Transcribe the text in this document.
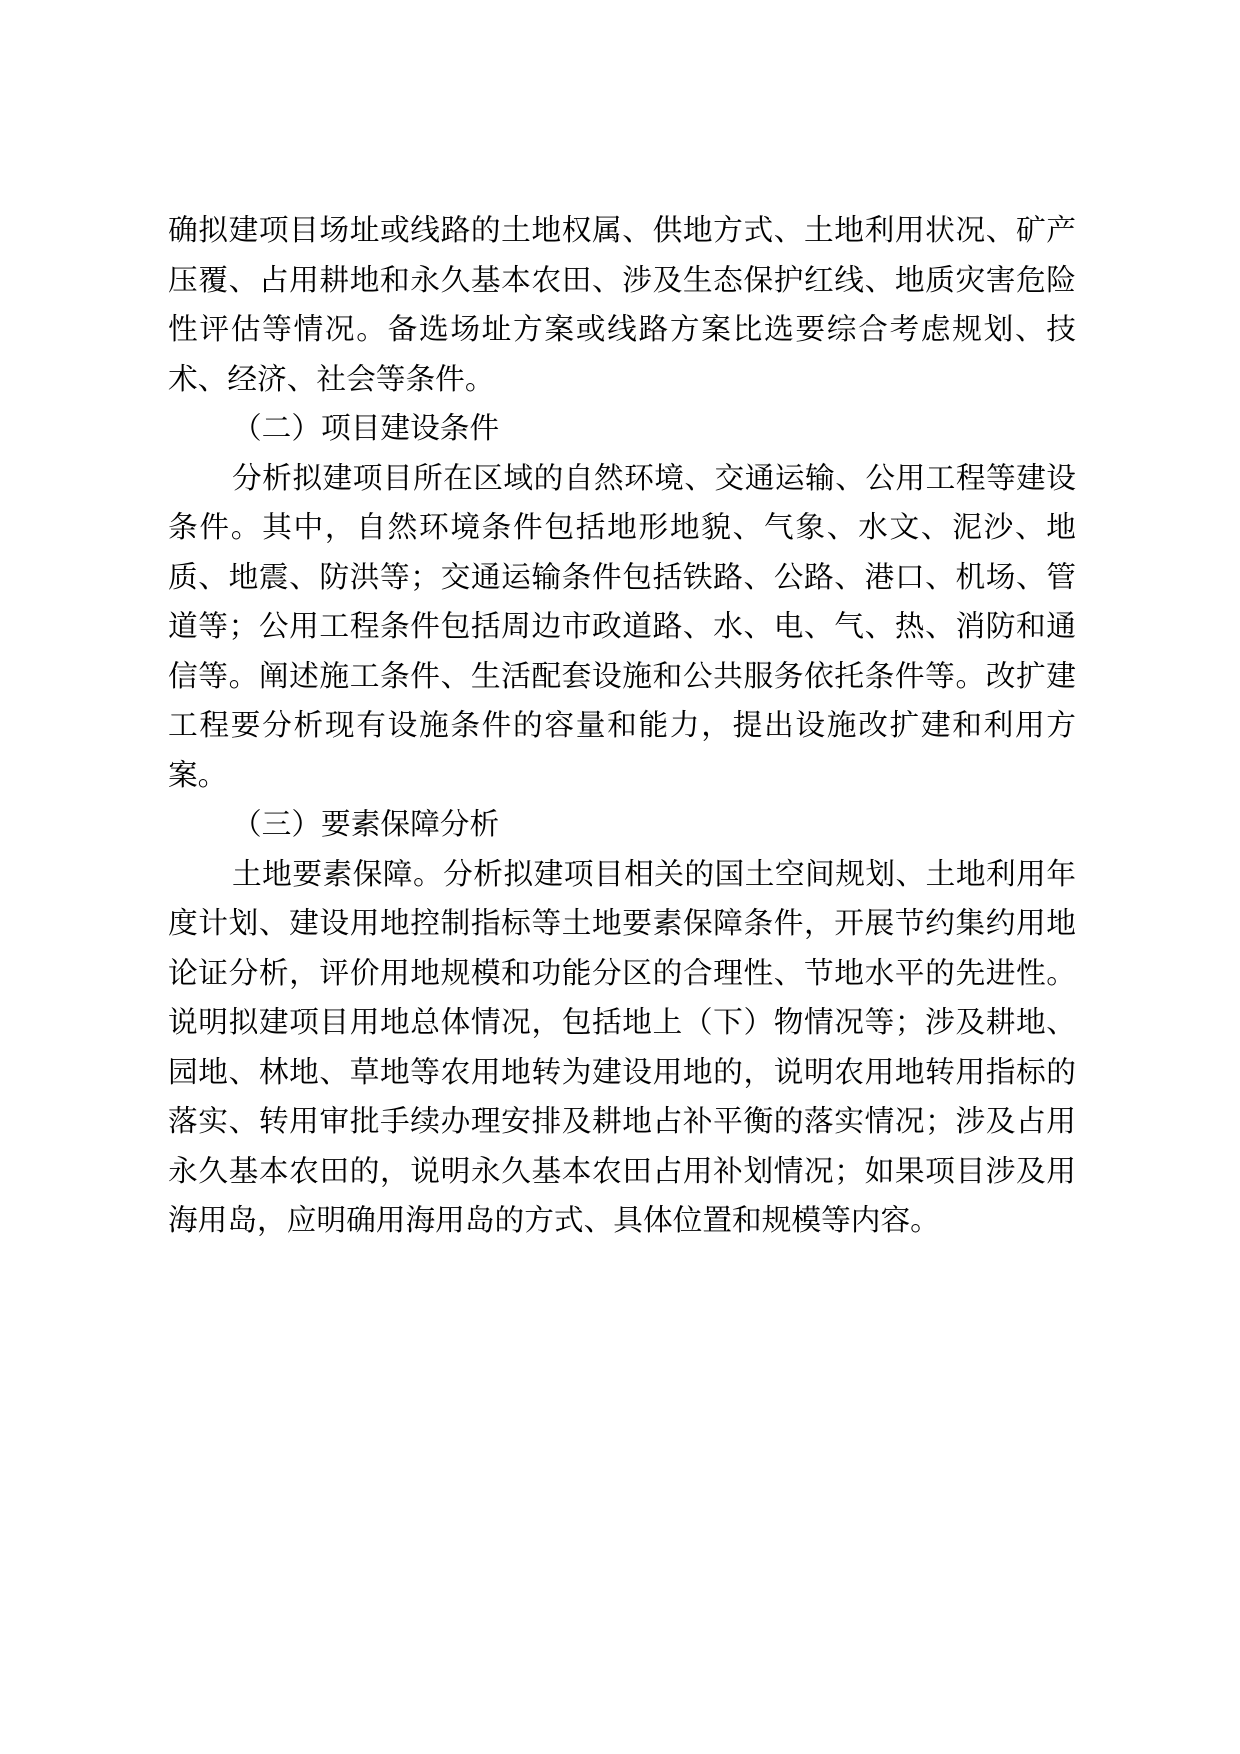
确拟建项目场址或线路的土地权属、供地方式、土地利用状况、矿产压覆、占用耕地和永久基本农田、涉及生态保护红线、地质灾害危险性评估等情况。备选场址方案或线路方案比选要综合考虑规划、技术、经济、社会等条件。

（二）项目建设条件

分析拟建项目所在区域的自然环境、交通运输、公用工程等建设条件。其中，自然环境条件包括地形地貌、气象、水文、泥沙、地质、地震、防洪等；交通运输条件包括铁路、公路、港口、机场、管道等；公用工程条件包括周边市政道路、水、电、气、热、消防和通信等。阐述施工条件、生活配套设施和公共服务依托条件等。改扩建工程要分析现有设施条件的容量和能力，提出设施改扩建和利用方案。

（三）要素保障分析

土地要素保障。分析拟建项目相关的国土空间规划、土地利用年度计划、建设用地控制指标等土地要素保障条件，开展节约集约用地论证分析，评价用地规模和功能分区的合理性、节地水平的先进性。说明拟建项目用地总体情况，包括地上（下）物情况等；涉及耕地、园地、林地、草地等农用地转为建设用地的，说明农用地转用指标的落实、转用审批手续办理安排及耕地占补平衡的落实情况；涉及占用永久基本农田的，说明永久基本农田占用补划情况；如果项目涉及用海用岛，应明确用海用岛的方式、具体位置和规模等内容。
